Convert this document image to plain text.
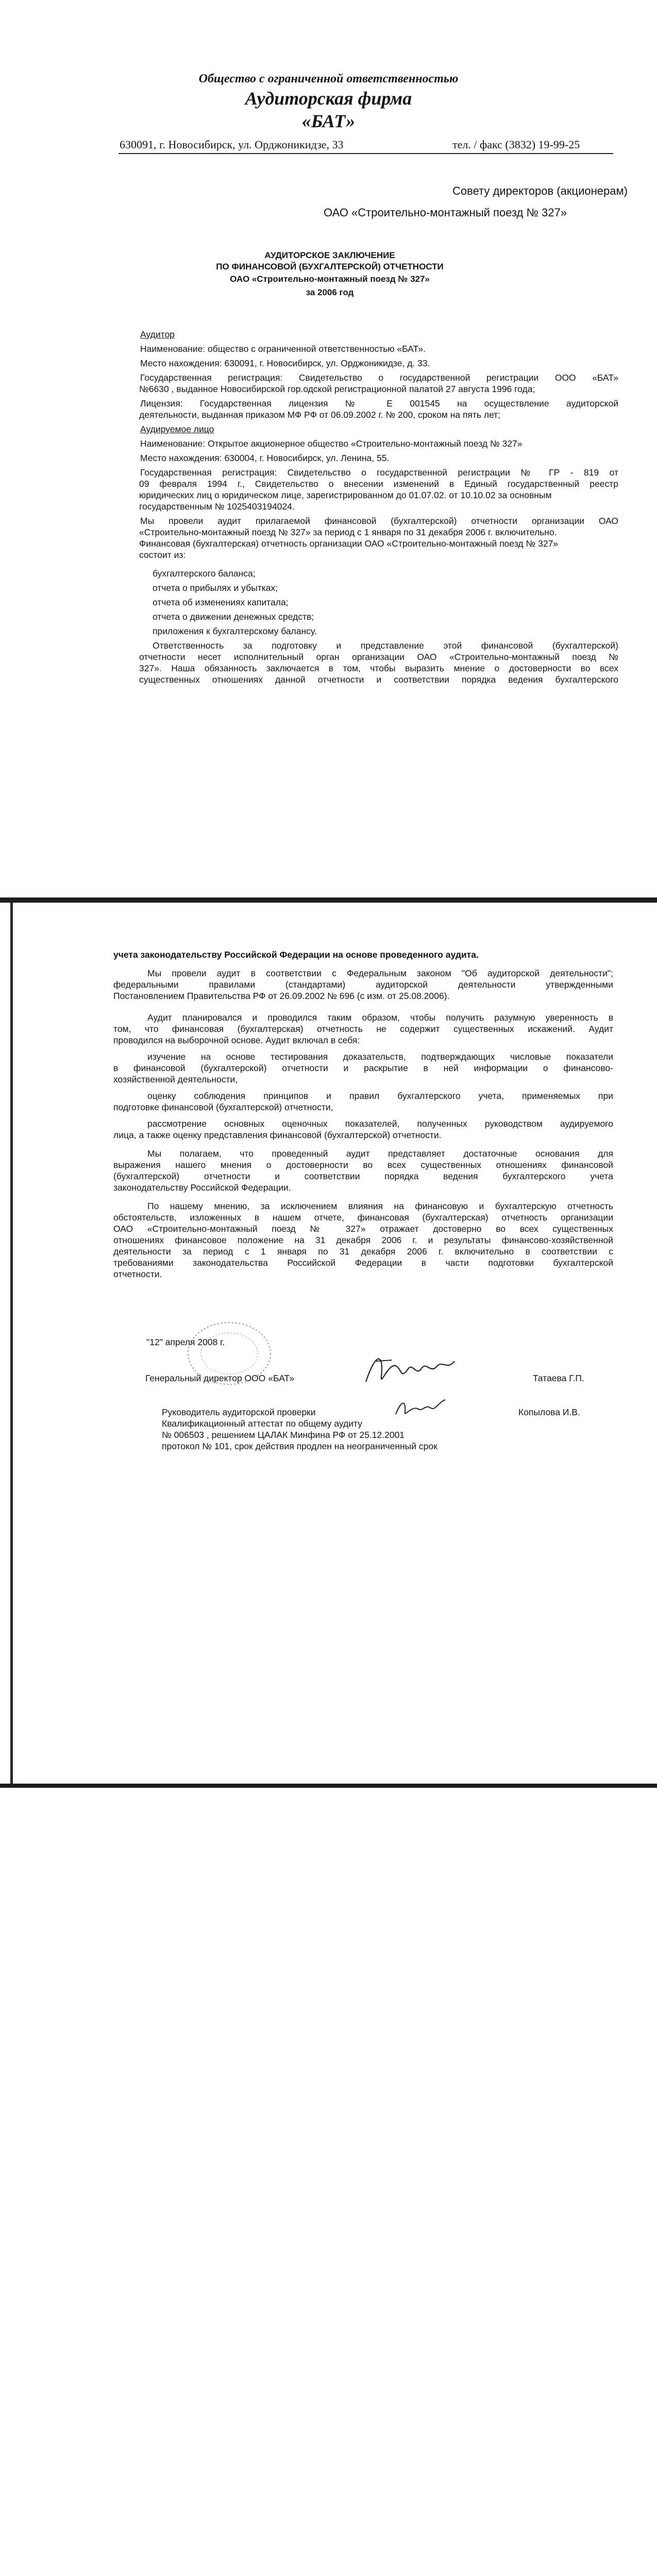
Общество с ограниченной ответственностью
Аудиторская фирма
«БАТ»
630091, г. Новосибирск, ул. Орджоникидзе, 33	тел. / факс (3832) 19-99-25
Совету директоров (акционерам)
ОАО «Строительно-монтажный поезд № 327»
АУДИТОРСКОЕ ЗАКЛЮЧЕНИЕ
ПО ФИНАНСОВОЙ (БУХГАЛТЕРСКОЙ) ОТЧЕТНОСТИ
ОАО «Строительно-монтажный поезд № 327»
за 2006 год

Аудитор

Наименование: общество с ограниченной ответственностью «БАТ».

Место нахождения: 630091, г. Новосибирск, ул. Орджоникидзе, д. 33.

Государственная регистрация: Свидетельство о государственной регистрации ООО «БАТ»

№6630 , выданное Новосибирской гор.одской регистрационной палатой 27 августа 1996 года;

Лицензия: Государственная лицензия № Е 001545 на осуществление аудиторской

деятельности, выданная приказом МФ РФ от 06.09.2002 г. № 200, сроком на пять лет;

Аудируемое лицо

Наименование: Открытое акционерное общество «Строительно-монтажный поезд № 327»

Место нахождения: 630004, г. Новосибирск, ул. Ленина, 55.

Государственная регистрация: Свидетельство о государственной регистрации № ГР - 819 от

09 февраля 1994 г., Свидетельство о внесении изменений в Единый государственный реестр

юридических лиц о юридическом лице, зарегистрированном до 01.07.02. от 10.10.02 за основным

государственным № 1025403194024.

Мы провели аудит прилагаемой финансовой (бухгалтерской) отчетности организации ОАО

«Строительно-монтажный поезд № 327» за период с 1 января по 31 декабря 2006 г. включительно.

Финансовая (бухгалтерская) отчетность организации ОАО «Строительно-монтажный поезд № 327»

состоит из:

бухгалтерского баланса;

отчета о прибылях и убытках;

отчета об изменениях капитала;

отчета о движении денежных средств;

приложения к бухгалтерскому балансу.

Ответственность за подготовку и представление этой финансовой (бухгалтерской)

отчетности несет исполнительный орган организации ОАО «Строительно-монтажный поезд №

327». Наша обязанность заключается в том, чтобы выразить мнение о достоверности во всех

существенных отношениях данной отчетности и соответствии порядка ведения бухгалтерского

учета законодательству Российской Федерации на основе проведенного аудита.

Мы провели аудит в соответствии с Федеральным законом "Об аудиторской деятельности";

федеральными правилами (стандартами) аудиторской деятельности утвержденными

Постановлением Правительства РФ от 26.09.2002 № 696 (с изм. от 25.08.2006).

Аудит планировался и проводился таким образом, чтобы получить разумную уверенность в

том, что финансовая (бухгалтерская) отчетность не содержит существенных искажений. Аудит

проводился на выборочной основе. Аудит включал в себя:

изучение на основе тестирования доказательств, подтверждающих числовые показатели

в финансовой (бухгалтерской) отчетности и раскрытие в ней информации о финансово-

хозяйственной деятельности,

оценку соблюдения принципов и правил бухгалтерского учета, применяемых при

подготовке финансовой (бухгалтерской) отчетности,

рассмотрение основных оценочных показателей, полученных руководством аудируемого

лица, а также оценку представления финансовой (бухгалтерской) отчетности.

Мы полагаем, что проведенный аудит представляет достаточные основания для

выражения нашего мнения о достоверности во всех существенных отношениях финансовой

(бухгалтерской) отчетности и соответствии порядка ведения бухгалтерского учета

законодательству Российской Федерации.

По нашему мнению, за исключением влияния на финансовую и бухгалтерскую отчетность

обстоятельств, изложенных в нашем отчете, финансовая (бухгалтерская) отчетность организации

ОАО «Строительно-монтажный поезд № 327» отражает достоверно во всех существенных

отношениях финансовое положение на 31 декабря 2006 г. и результаты финансово-хозяйственной

деятельности за период с 1 января по 31 декабря 2006 г. включительно в соответствии с

требованиями законодательства Российской Федерации в части подготовки бухгалтерской

отчетности.

"12" апреля 2008 г.

Генеральный директор ООО «БАТ»	Татаева Г.П.

Руководитель аудиторской проверки	Копылова И.В.

Квалификационный аттестат по общему аудиту

№ 006503 , решением ЦАЛАК Минфина РФ от 25.12.2001

протокол № 101, срок действия продлен на неограниченный срок
